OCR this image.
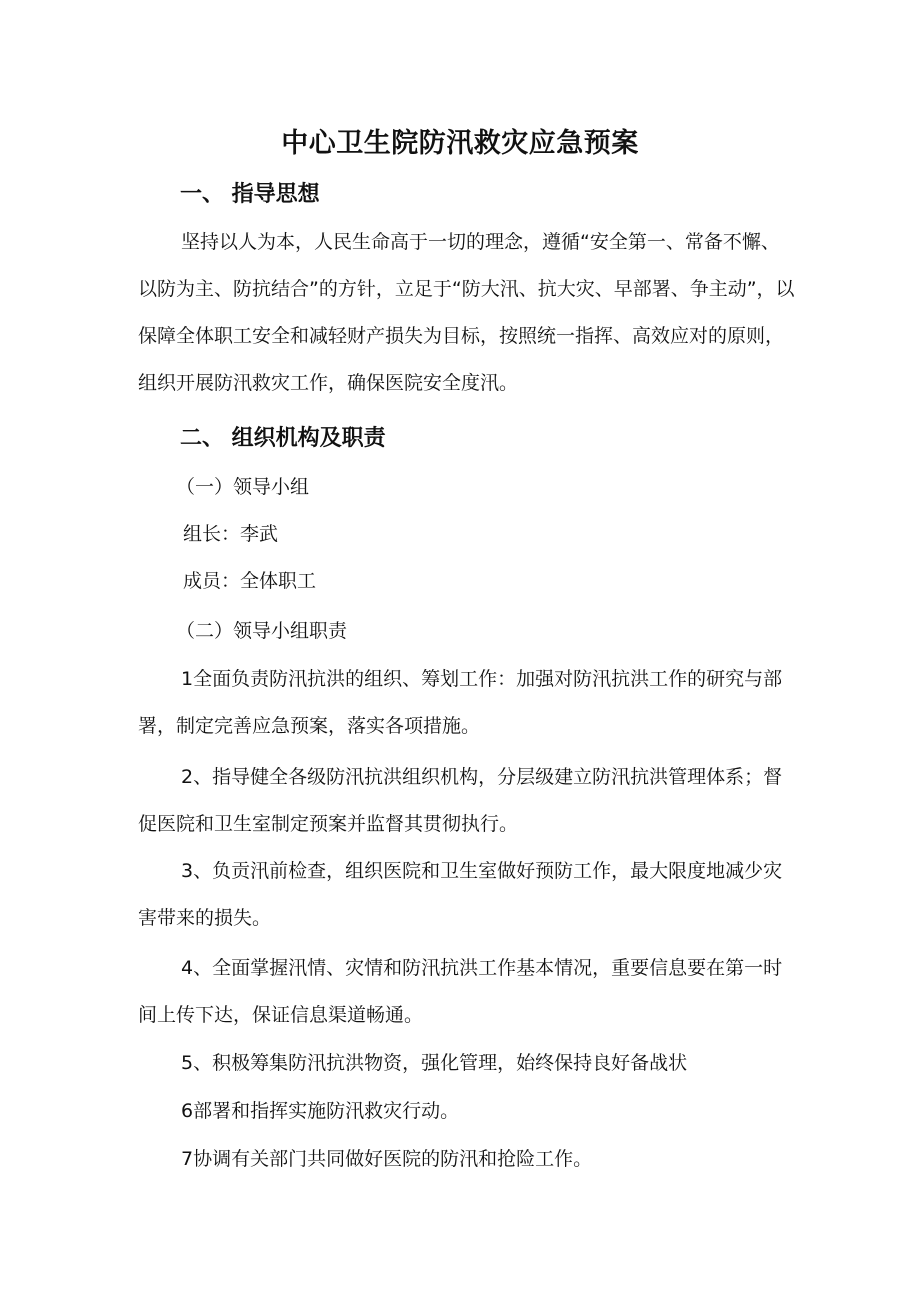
中心卫生院防汛救灾应急预案
一、 指导思想

坚持以人为本，人民生命高于一切的理念，遵循“安全第一、常备不懈、以防为主、防抗结合”的方针，立足于“防大汛、抗大灾、早部署、争主动”，以保障全体职工安全和减轻财产损失为目标，按照统一指挥、高效应对的原则，组织开展防汛救灾工作，确保医院安全度汛。

二、 组织机构及职责
（一）领导小组
组长：李武
成员：全体职工
（二）领导小组职责

1全面负责防汛抗洪的组织、筹划工作：加强对防汛抗洪工作的研究与部署，制定完善应急预案，落实各项措施。

2、指导健全各级防汛抗洪组织机构，分层级建立防汛抗洪管理体系；督促医院和卫生室制定预案并监督其贯彻执行。

3、负贡汛前检查，组织医院和卫生室做好预防工作，最大限度地减少灾害带来的损失。

4、全面掌握汛情、灾情和防汛抗洪工作基本情况，重要信息要在第一时间上传下达，保证信息渠道畅通。

5、积极筹集防汛抗洪物资，强化管理，始终保持良好备战状

6部署和指挥实施防汛救灾行动。

7协调有关部门共同做好医院的防汛和抢险工作。
